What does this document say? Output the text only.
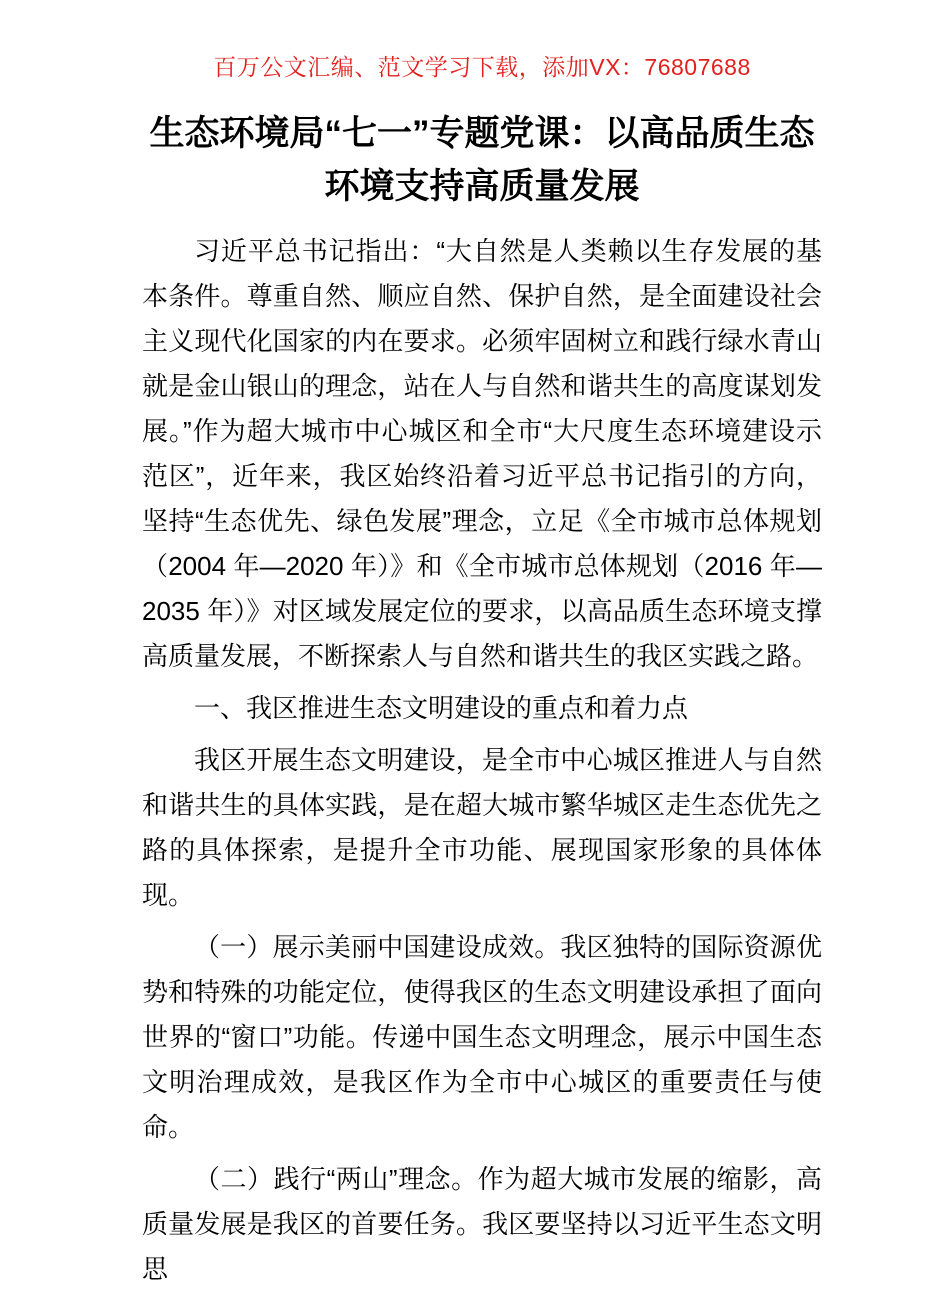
百万公文汇编、范文学习下载，添加VX：76807688
生态环境局“七一”专题党课：以高品质生态环境支持高质量发展

习近平总书记指出：“大自然是人类赖以生存发展的基本条件。尊重自然、顺应自然、保护自然，是全面建设社会主义现代化国家的内在要求。必须牢固树立和践行绿水青山就是金山银山的理念，站在人与自然和谐共生的高度谋划发展。”作为超大城市中心城区和全市“大尺度生态环境建设示范区”，近年来，我区始终沿着习近平总书记指引的方向，坚持“生态优先、绿色发展”理念，立足《全市城市总体规划（2004 年—2020 年）》和《全市城市总体规划（2016 年—2035 年）》对区域发展定位的要求，以高品质生态环境支撑高质量发展，不断探索人与自然和谐共生的我区实践之路。

一、我区推进生态文明建设的重点和着力点

我区开展生态文明建设，是全市中心城区推进人与自然和谐共生的具体实践，是在超大城市繁华城区走生态优先之路的具体探索，是提升全市功能、展现国家形象的具体体现。

（一）展示美丽中国建设成效。我区独特的国际资源优势和特殊的功能定位，使得我区的生态文明建设承担了面向世界的“窗口”功能。传递中国生态文明理念，展示中国生态文明治理成效，是我区作为全市中心城区的重要责任与使命。

（二）践行“两山”理念。作为超大城市发展的缩影，高质量发展是我区的首要任务。我区要坚持以习近平生态文明思
